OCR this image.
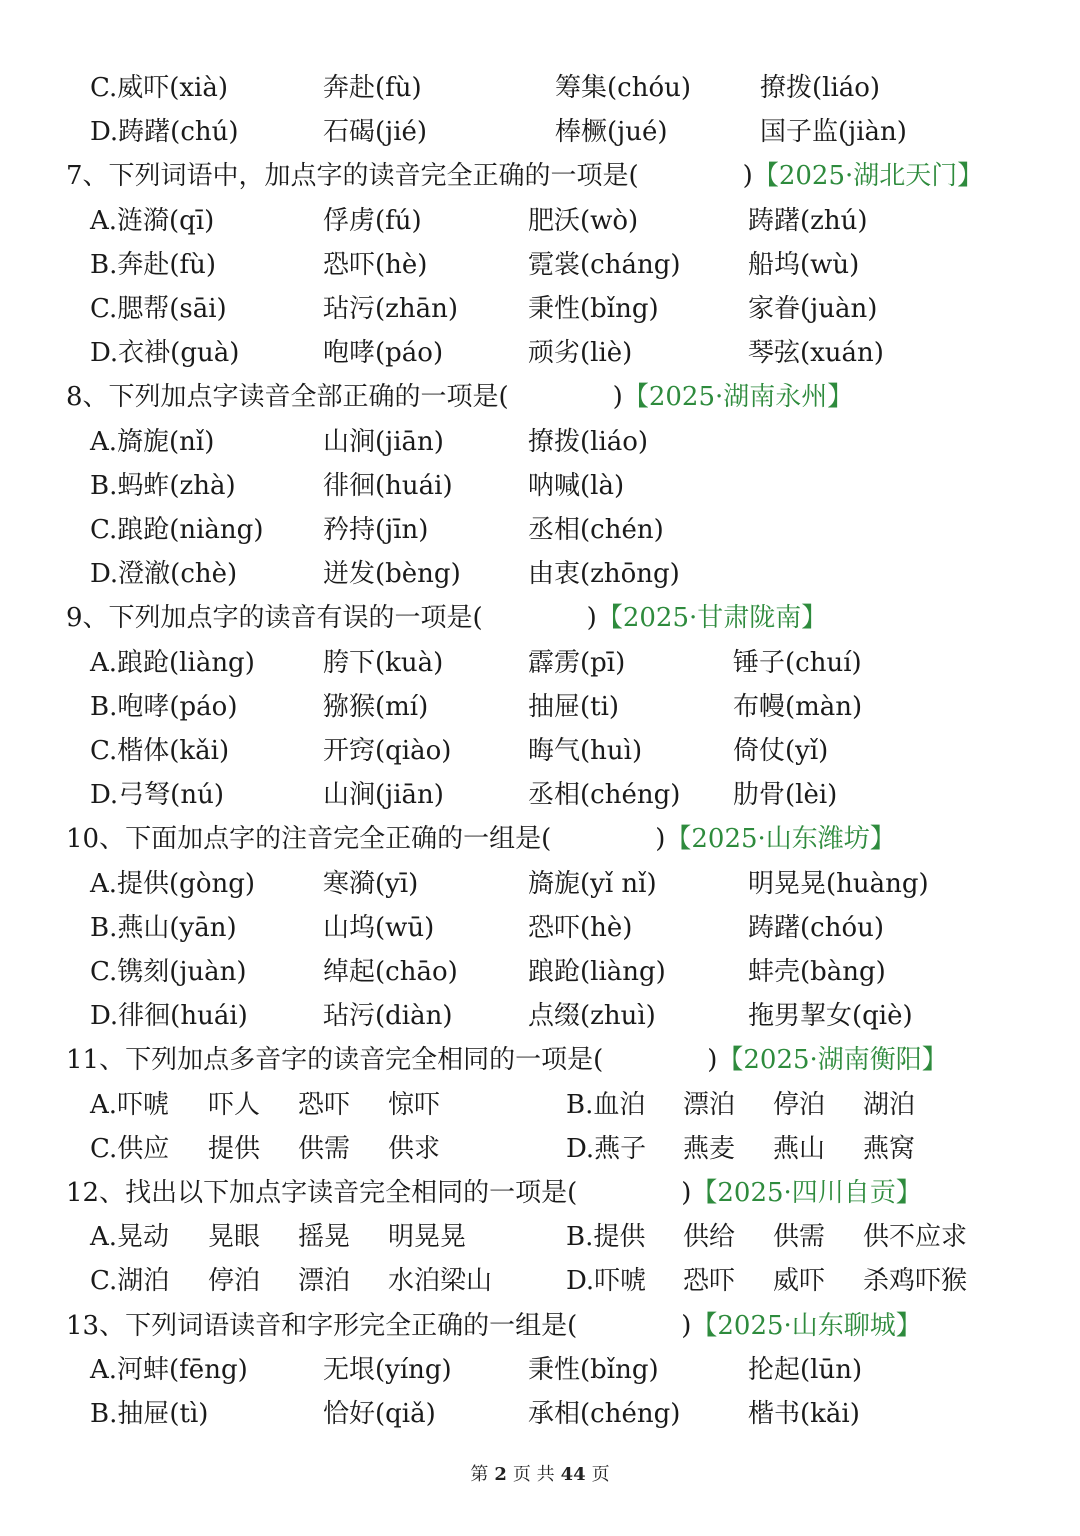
C.威吓(xià)	奔赴(fù)	筹集(chóu)	撩拨(liáo)
D.踌躇(chú)	石碣(jié)	棒橛(jué)	国子监(jiàn)
7、下列词语中，加点字的读音完全正确的一项是(　　　　)【2025·湖北天门】
A.涟漪(qī)	俘虏(fú)	肥沃(wò)	踌躇(zhú)
B.奔赴(fù)	恐吓(hè)	霓裳(cháng)	船坞(wù)
C.腮帮(sāi)	玷污(zhān)	秉性(bǐng)	家眷(juàn)
D.衣褂(guà)	咆哮(páo)	顽劣(liè)	琴弦(xuán)
8、下列加点字读音全部正确的一项是(　　　　)【2025·湖南永州】
A.旖旎(nǐ)	山涧(jiān)	撩拨(liáo)
B.蚂蚱(zhà)	徘徊(huái)	呐喊(là)
C.踉跄(niàng) 矜持(jīn)	丞相(chén)
D.澄澈(chè)	迸发(bèng)	由衷(zhōng)
9、下列加点字的读音有误的一项是(　　　　)【2025·甘肃陇南】
A.踉跄(liàng)	胯下(kuà)	霹雳(pī)	锤子(chuí)
B.咆哮(páo)	猕猴(mí)	抽屉(ti)	布幔(màn)
C.楷体(kǎi)	开窍(qiào)	晦气(huì)	倚仗(yǐ)
D.弓弩(nú)	山涧(jiān)	丞相(chéng) 肋骨(lèi)
10、下面加点字的注音完全正确的一组是(　　　　)【2025·山东潍坊】
A.提供(gòng)	寒漪(yī)	旖旎(yǐ nǐ)	明晃晃(huàng)
B.燕山(yān)	山坞(wū)	恐吓(hè)	踌躇(chóu)
C.镌刻(juàn)	绰起(chāo)	踉跄(liàng)	蚌壳(bàng)
D.徘徊(huái)	玷污(diàn)	点缀(zhuì)	拖男挈女(qiè)
11、下列加点多音字的读音完全相同的一项是(　　　　)【2025·湖南衡阳】
A.吓唬 吓人 恐吓 惊吓	B.血泊 漂泊 停泊 湖泊
C.供应 提供 供需 供求	D.燕子 燕麦 燕山 燕窝
12、找出以下加点字读音完全相同的一项是(　　　　)【2025·四川自贡】
A.晃动 晃眼 摇晃 明晃晃	B.提供 供给 供需 供不应求
C.湖泊 停泊 漂泊 水泊梁山	D.吓唬 恐吓 威吓 杀鸡吓猴
13、下列词语读音和字形完全正确的一组是(　　　　)【2025·山东聊城】
A.河蚌(fēng)	无垠(yíng)	秉性(bǐng)	抡起(lūn)
B.抽屉(tì)	恰好(qiǎ)	承相(chéng)	楷书(kǎi)
第 2 页 共 44 页
